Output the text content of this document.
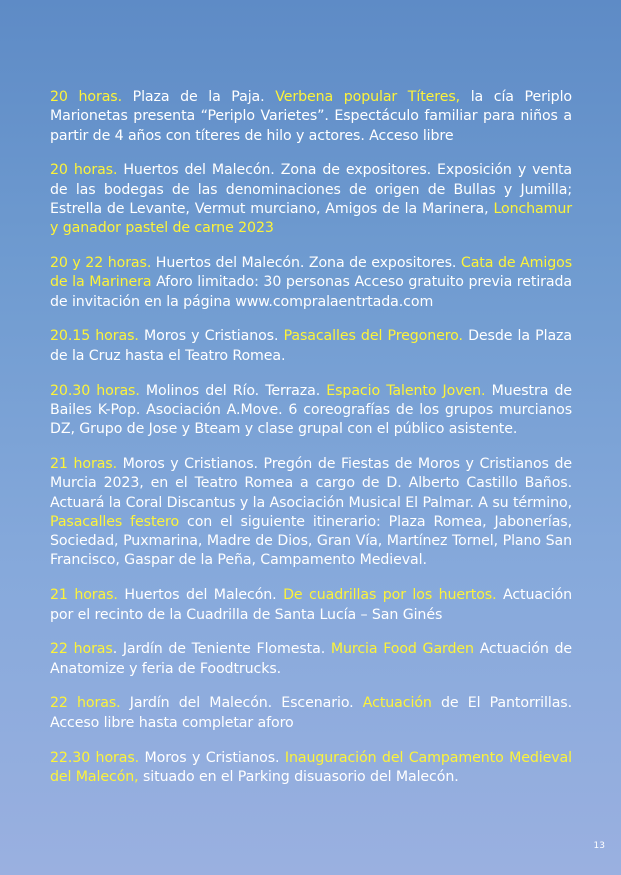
20 horas. Plaza de la Paja. Verbena popular Títeres, la cía Periplo Marionetas presenta “Periplo Varietes”. Espectáculo familiar para niños a partir de 4 años con títeres de hilo y actores. Acceso libre

20 horas. Huertos del Malecón. Zona de expositores. Exposición y venta de las bodegas de las denominaciones de origen de Bullas y Jumilla; Estrella de Levante, Vermut murciano, Amigos de la Marinera, Lonchamur y ganador pastel de carne 2023

20 y 22 horas. Huertos del Malecón. Zona de expositores. Cata de Amigos de la Marinera Aforo limitado: 30 personas Acceso gratuito previa retirada de invitación en la página www.compralaentrtada.com

20.15 horas. Moros y Cristianos. Pasacalles del Pregonero. Desde la Plaza de la Cruz hasta el Teatro Romea.

20.30 horas. Molinos del Río. Terraza. Espacio Talento Joven. Muestra de Bailes K-Pop. Asociación A.Move. 6 coreografías de los grupos murcianos DZ, Grupo de Jose y Bteam y clase grupal con el público asistente.

21 horas. Moros y Cristianos. Pregón de Fiestas de Moros y Cristianos de Murcia 2023, en el Teatro Romea a cargo de D. Alberto Castillo Baños. Actuará la Coral Discantus y la Asociación Musical El Palmar. A su término, Pasacalles festero con el siguiente itinerario: Plaza Romea, Jabonerías, Sociedad, Puxmarina, Madre de Dios, Gran Vía, Martínez Tornel, Plano San Francisco, Gaspar de la Peña, Campamento Medieval.

21 horas. Huertos del Malecón. De cuadrillas por los huertos. Actuación por el recinto de la Cuadrilla de Santa Lucía – San Ginés

22 horas. Jardín de Teniente Flomesta. Murcia Food Garden Actuación de Anatomize y feria de Foodtrucks.

22 horas. Jardín del Malecón. Escenario. Actuación de El Pantorrillas. Acceso libre hasta completar aforo

22.30 horas. Moros y Cristianos. Inauguración del Campamento Medieval del Malecón, situado en el Parking disuasorio del Malecón.

13
